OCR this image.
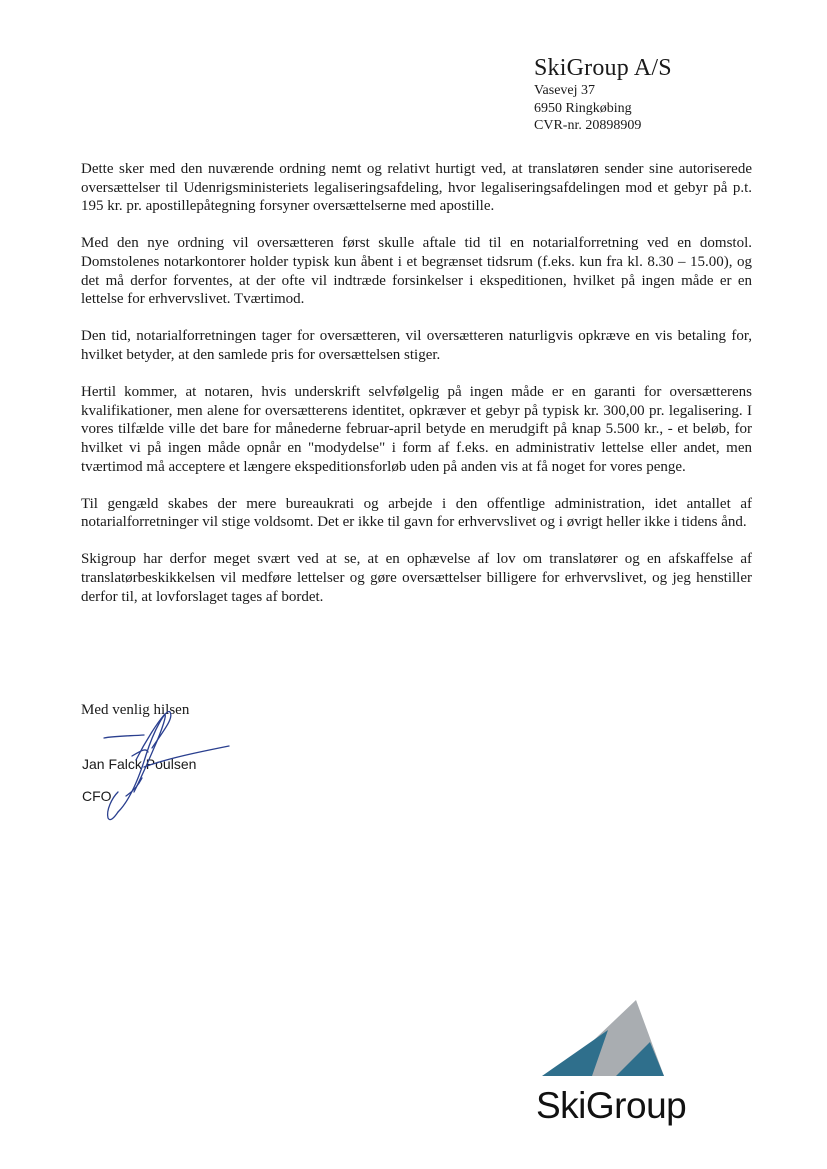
SkiGroup A/S
Vasevej 37
6950 Ringkøbing
CVR-nr. 20898909

Dette sker med den nuværende ordning nemt og relativt hurtigt ved, at translatøren sender sine autoriserede oversættelser til Udenrigsministeriets legaliseringsafdeling, hvor legaliseringsafdelingen mod et gebyr på p.t. 195 kr. pr. apostillepåtegning forsyner oversættelserne med apostille.

Med den nye ordning vil oversætteren først skulle aftale tid til en notarialforretning ved en domstol. Domstolenes notarkontorer holder typisk kun åbent i et begrænset tidsrum (f.eks. kun fra kl. 8.30 – 15.00), og det må derfor forventes, at der ofte vil indtræde forsinkelser i ekspeditionen, hvilket på ingen måde er en lettelse for erhvervslivet. Tværtimod.

Den tid, notarialforretningen tager for oversætteren, vil oversætteren naturligvis opkræve en vis betaling for, hvilket betyder, at den samlede pris for oversættelsen stiger.

Hertil kommer, at notaren, hvis underskrift selvfølgelig på ingen måde er en garanti for oversætterens kvalifikationer, men alene for oversætterens identitet, opkræver et gebyr på typisk kr. 300,00 pr. legalisering. I vores tilfælde ville det bare for månederne februar-april betyde en merudgift på knap 5.500 kr., - et beløb, for hvilket vi på ingen måde opnår en "modydelse" i form af f.eks. en administrativ lettelse eller andet, men tværtimod må acceptere et længere ekspeditionsforløb uden på anden vis at få noget for vores penge.

Til gengæld skabes der mere bureaukrati og arbejde i den offentlige administration, idet antallet af notarialforretninger vil stige voldsomt. Det er ikke til gavn for erhvervslivet og i øvrigt heller ikke i tidens ånd.

Skigroup har derfor meget svært ved at se, at en ophævelse af lov om translatører og en afskaffelse af translatørbeskikkelsen vil medføre lettelser og gøre oversættelser billigere for erhvervslivet, og jeg henstiller derfor til, at lovforslaget tages af bordet.

Med venlig hilsen
Jan Falck Poulsen
CFO
SkiGroup
